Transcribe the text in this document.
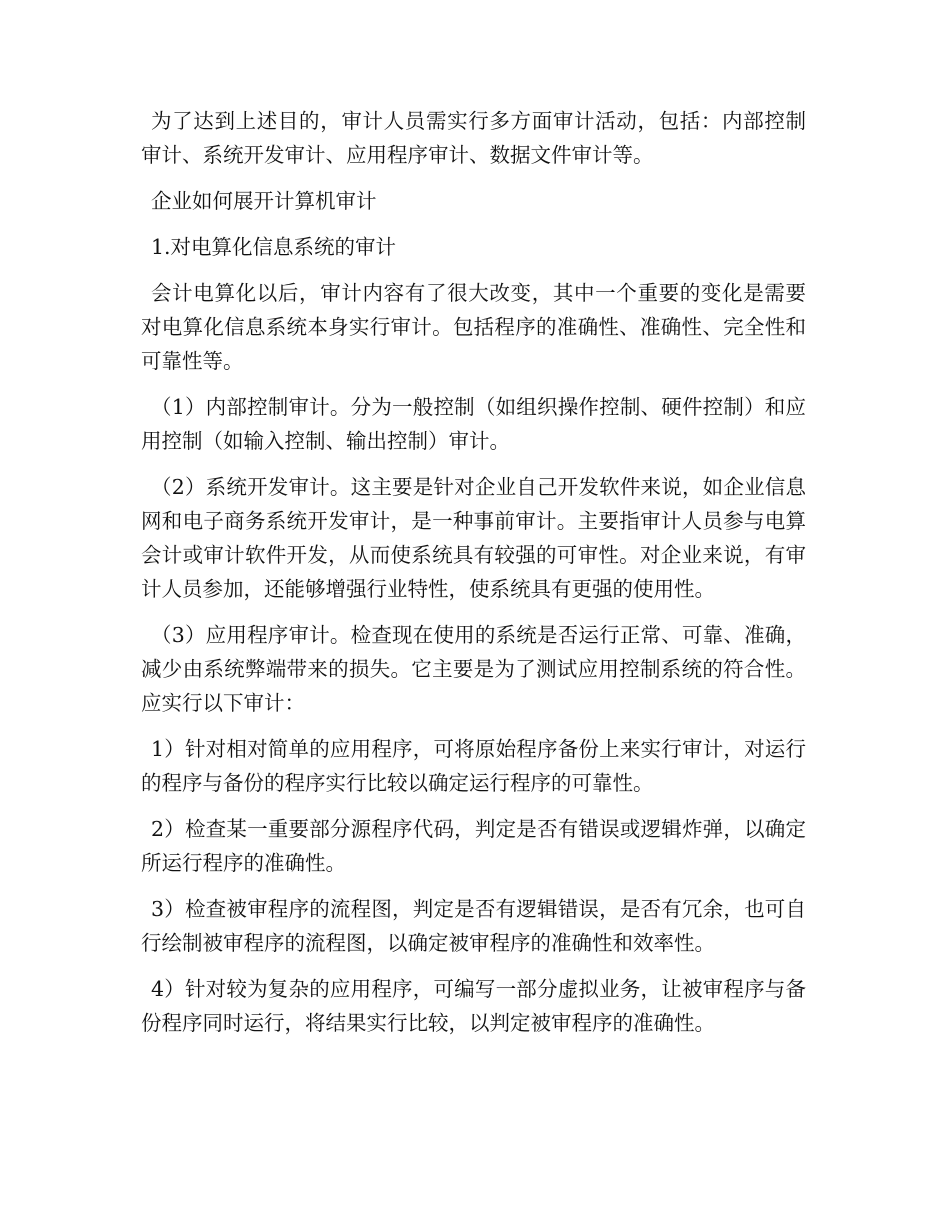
为了达到上述目的，审计人员需实行多方面审计活动，包括：内部控制审计、系统开发审计、应用程序审计、数据文件审计等。

企业如何展开计算机审计

1.对电算化信息系统的审计

会计电算化以后，审计内容有了很大改变，其中一个重要的变化是需要对电算化信息系统本身实行审计。包括程序的准确性、准确性、完全性和可靠性等。

（1）内部控制审计。分为一般控制（如组织操作控制、硬件控制）和应用控制（如输入控制、输出控制）审计。

（2）系统开发审计。这主要是针对企业自己开发软件来说，如企业信息网和电子商务系统开发审计，是一种事前审计。主要指审计人员参与电算会计或审计软件开发，从而使系统具有较强的可审性。对企业来说，有审计人员参加，还能够增强行业特性，使系统具有更强的使用性。

（3）应用程序审计。检查现在使用的系统是否运行正常、可靠、准确，减少由系统弊端带来的损失。它主要是为了测试应用控制系统的符合性。应实行以下审计：

1）针对相对简单的应用程序，可将原始程序备份上来实行审计，对运行的程序与备份的程序实行比较以确定运行程序的可靠性。

2）检查某一重要部分源程序代码，判定是否有错误或逻辑炸弹，以确定所运行程序的准确性。

3）检查被审程序的流程图，判定是否有逻辑错误，是否有冗余，也可自行绘制被审程序的流程图，以确定被审程序的准确性和效率性。

4）针对较为复杂的应用程序，可编写一部分虚拟业务，让被审程序与备份程序同时运行，将结果实行比较，以判定被审程序的准确性。
